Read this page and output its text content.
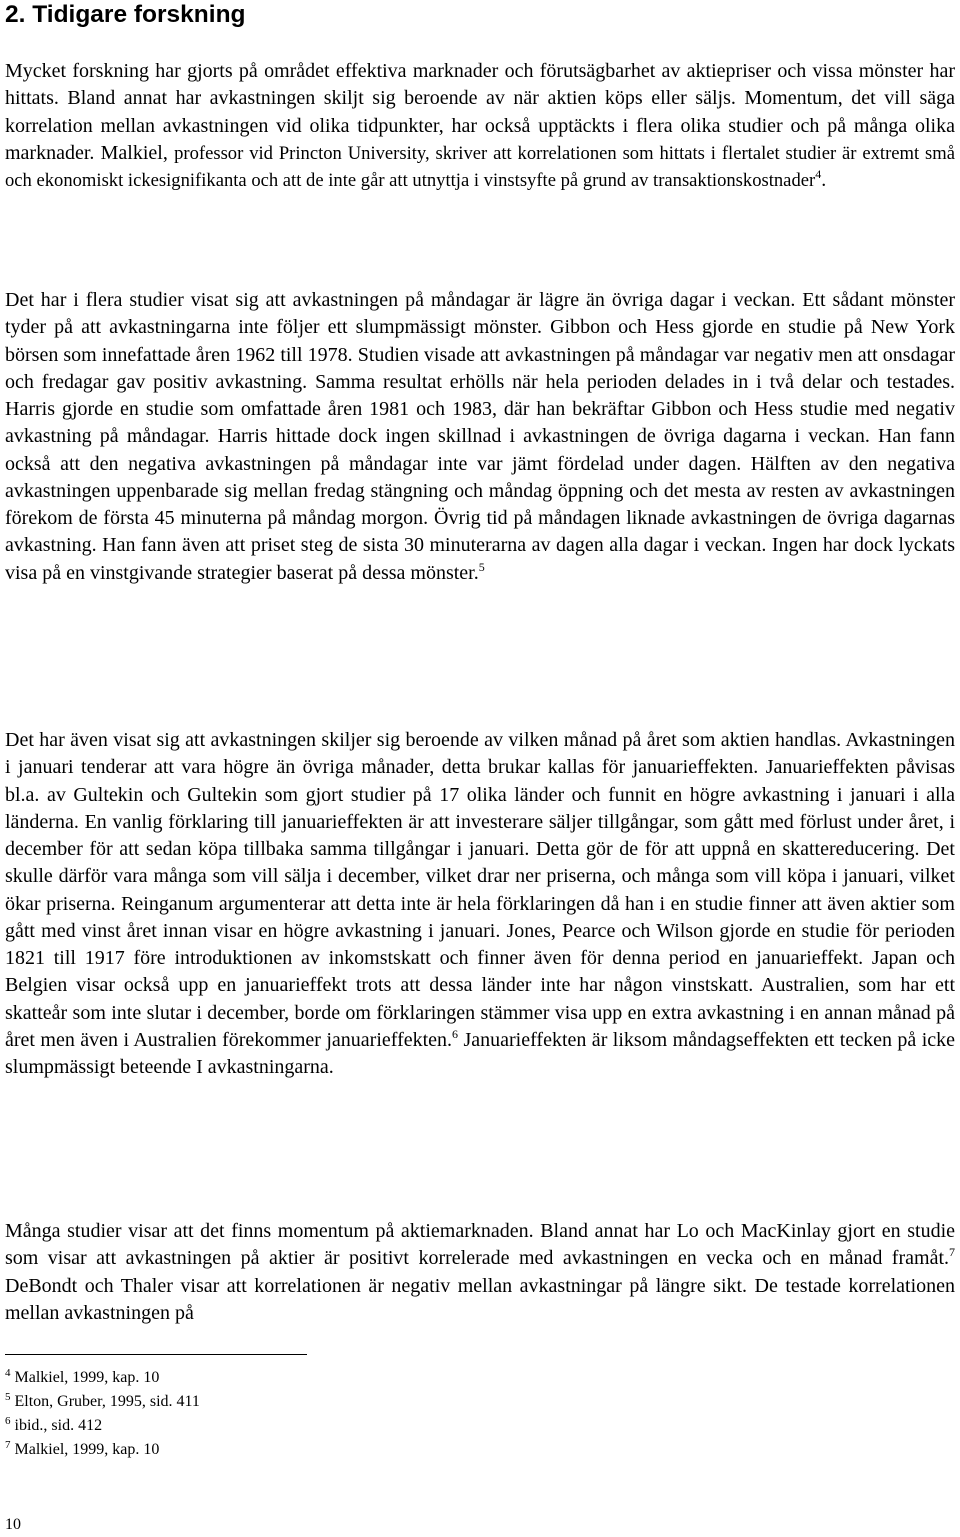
2. Tidigare forskning

Mycket forskning har gjorts på området effektiva marknader och förutsägbarhet av aktiepriser och vissa mönster har hittats. Bland annat har avkastningen skiljt sig beroende av när aktien köps eller säljs. Momentum, det vill säga korrelation mellan avkastningen vid olika tidpunkter, har också upptäckts i flera olika studier och på många olika marknader. Malkiel, professor vid Princton University, skriver att korrelationen som hittats i flertalet studier är extremt små och ekonomiskt ickesignifikanta och att de inte går att utnyttja i vinstsyfte på grund av transaktionskostnader$^4$.

Det har i flera studier visat sig att avkastningen på måndagar är lägre än övriga dagar i veckan. Ett sådant mönster tyder på att avkastningarna inte följer ett slumpmässigt mönster. Gibbon och Hess gjorde en studie på New York börsen som innefattade åren 1962 till 1978. Studien visade att avkastningen på måndagar var negativ men att onsdagar och fredagar gav positiv avkastning. Samma resultat erhölls när hela perioden delades in i två delar och testades. Harris gjorde en studie som omfattade åren 1981 och 1983, där han bekräftar Gibbon och Hess studie med negativ avkastning på måndagar. Harris hittade dock ingen skillnad i avkastningen de övriga dagarna i veckan. Han fann också att den negativa avkastningen på måndagar inte var jämt fördelad under dagen. Hälften av den negativa avkastningen uppenbarade sig mellan fredag stängning och måndag öppning och det mesta av resten av avkastningen förekom de första 45 minuterna på måndag morgon. Övrig tid på måndagen liknade avkastningen de övriga dagarnas avkastning. Han fann även att priset steg de sista 30 minuterarna av dagen alla dagar i veckan. Ingen har dock lyckats visa på en vinstgivande strategier baserat på dessa mönster.$^5$

Det har även visat sig att avkastningen skiljer sig beroende av vilken månad på året som aktien handlas. Avkastningen i januari tenderar att vara högre än övriga månader, detta brukar kallas för januarieffekten. Januarieffekten påvisas bl.a. av Gultekin och Gultekin som gjort studier på 17 olika länder och funnit en högre avkastning i januari i alla länderna. En vanlig förklaring till januarieffekten är att investerare säljer tillgångar, som gått med förlust under året, i december för att sedan köpa tillbaka samma tillgångar i januari. Detta gör de för att uppnå en skattereducering. Det skulle därför vara många som vill sälja i december, vilket drar ner priserna, och många som vill köpa i januari, vilket ökar priserna. Reinganum argumenterar att detta inte är hela förklaringen då han i en studie finner att även aktier som gått med vinst året innan visar en högre avkastning i januari. Jones, Pearce och Wilson gjorde en studie för perioden 1821 till 1917 före introduktionen av inkomstskatt och finner även för denna period en januarieffekt. Japan och Belgien visar också upp en januarieffekt trots att dessa länder inte har någon vinstskatt. Australien, som har ett skatteår som inte slutar i december, borde om förklaringen stämmer visa upp en extra avkastning i en annan månad på året men även i Australien förekommer januarieffekten.$^6$ Januarieffekten är liksom måndagseffekten ett tecken på icke slumpmässigt beteende I avkastningarna.

Många studier visar att det finns momentum på aktiemarknaden. Bland annat har Lo och MacKinlay gjort en studie som visar att avkastningen på aktier är positivt korrelerade med avkastningen en vecka och en månad framåt.$^7$ DeBondt och Thaler visar att korrelationen är negativ mellan avkastningar på längre sikt. De testade korrelationen mellan avkastningen på

$^4$ Malkiel, 1999, kap. 10
$^5$ Elton, Gruber, 1995, sid. 411
$^6$ ibid., sid. 412
$^7$ Malkiel, 1999, kap. 10
10
